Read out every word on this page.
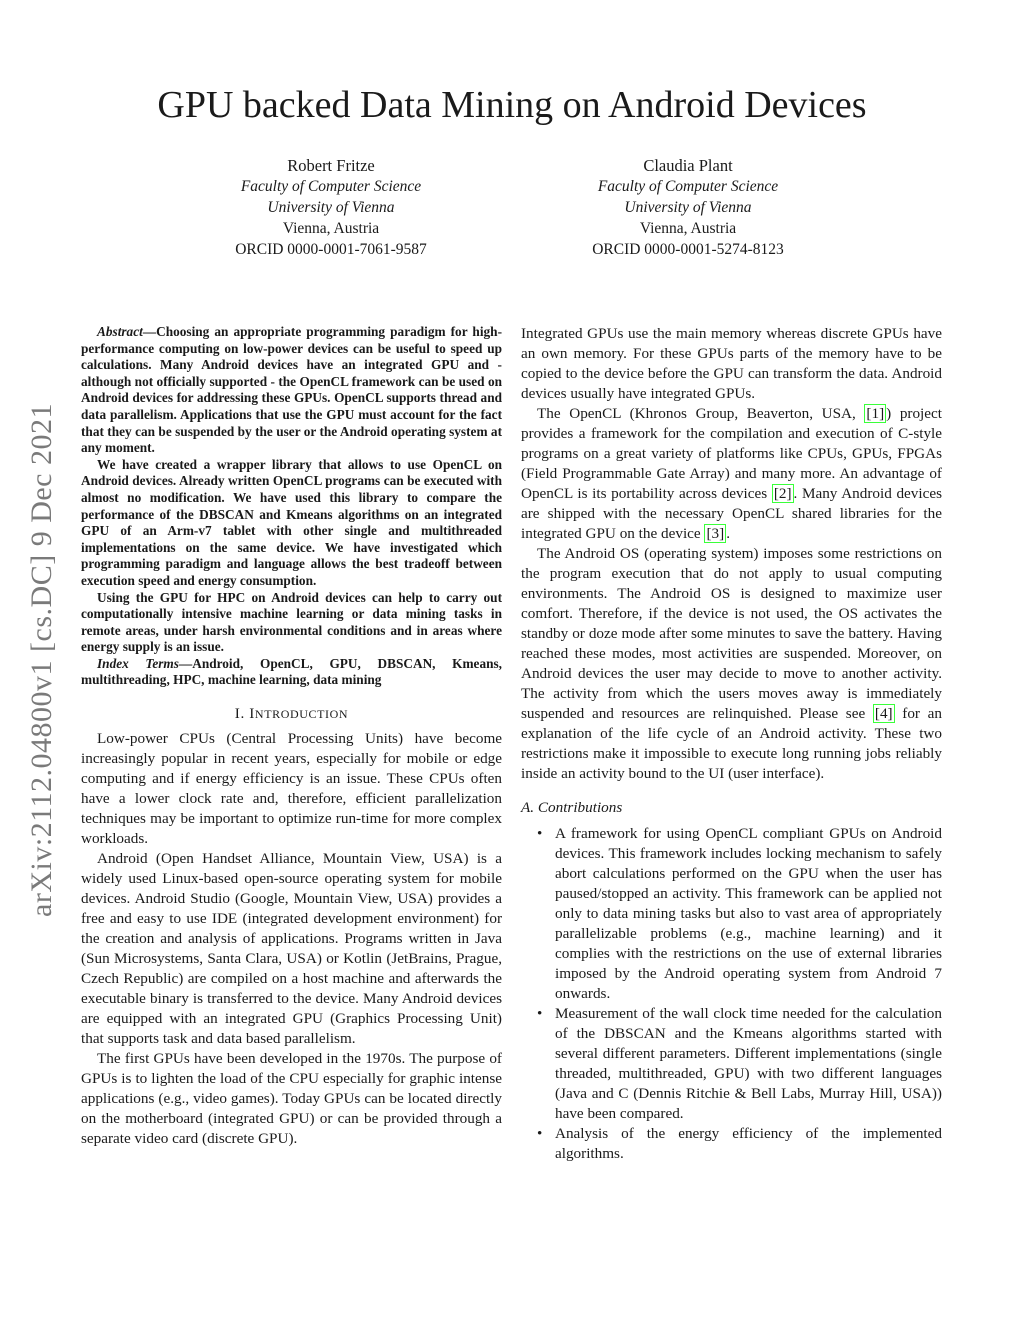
arXiv:2112.04800v1 [cs.DC] 9 Dec 2021
GPU backed Data Mining on Android Devices
Robert Fritze
Faculty of Computer Science
University of Vienna
Vienna, Austria
ORCID 0000-0001-7061-9587
Claudia Plant
Faculty of Computer Science
University of Vienna
Vienna, Austria
ORCID 0000-0001-5274-8123

Abstract—Choosing an appropriate programming paradigm for high-performance computing on low-power devices can be useful to speed up calculations. Many Android devices have an integrated GPU and - although not officially supported - the OpenCL framework can be used on Android devices for addressing these GPUs. OpenCL supports thread and data parallelism. Applications that use the GPU must account for the fact that they can be suspended by the user or the Android operating system at any moment.

We have created a wrapper library that allows to use OpenCL on Android devices. Already written OpenCL programs can be executed with almost no modification. We have used this library to compare the performance of the DBSCAN and Kmeans algorithms on an integrated GPU of an Arm-v7 tablet with other single and multithreaded implementations on the same device. We have investigated which programming paradigm and language allows the best tradeoff between execution speed and energy consumption.

Using the GPU for HPC on Android devices can help to carry out computationally intensive machine learning or data mining tasks in remote areas, under harsh environmental conditions and in areas where energy supply is an issue.

Index Terms—Android, OpenCL, GPU, DBSCAN, Kmeans, multithreading, HPC, machine learning, data mining

I. INTRODUCTION

Low-power CPUs (Central Processing Units) have become increasingly popular in recent years, especially for mobile or edge computing and if energy efficiency is an issue. These CPUs often have a lower clock rate and, therefore, efficient parallelization techniques may be important to optimize run-time for more complex workloads.

Android (Open Handset Alliance, Mountain View, USA) is a widely used Linux-based open-source operating system for mobile devices. Android Studio (Google, Mountain View, USA) provides a free and easy to use IDE (integrated development environment) for the creation and analysis of applications. Programs written in Java (Sun Microsystems, Santa Clara, USA) or Kotlin (JetBrains, Prague, Czech Republic) are compiled on a host machine and afterwards the executable binary is transferred to the device. Many Android devices are equipped with an integrated GPU (Graphics Processing Unit) that supports task and data based parallelism.

The first GPUs have been developed in the 1970s. The purpose of GPUs is to lighten the load of the CPU especially for graphic intense applications (e.g., video games). Today GPUs can be located directly on the motherboard (integrated GPU) or can be provided through a separate video card (discrete GPU).

Integrated GPUs use the main memory whereas discrete GPUs have an own memory. For these GPUs parts of the memory have to be copied to the device before the GPU can transform the data. Android devices usually have integrated GPUs.

The OpenCL (Khronos Group, Beaverton, USA, [1] ) project provides a framework for the compilation and execution of C-style programs on a great variety of platforms like CPUs, GPUs, FPGAs (Field Programmable Gate Array) and many more. An advantage of OpenCL is its portability across devices [2] . Many Android devices are shipped with the necessary OpenCL shared libraries for the integrated GPU on the device [3] .

The Android OS (operating system) imposes some restrictions on the program execution that do not apply to usual computing environments. The Android OS is designed to maximize user comfort. Therefore, if the device is not used, the OS activates the standby or doze mode after some minutes to save the battery. Having reached these modes, most activities are suspended. Moreover, on Android devices the user may decide to move to another activity. The activity from which the users moves away is immediately suspended and resources are relinquished. Please see [4] for an explanation of the life cycle of an Android activity. These two restrictions make it impossible to execute long running jobs reliably inside an activity bound to the UI (user interface).

A. Contributions
• A framework for using OpenCL compliant GPUs on Android devices. This framework includes locking mechanism to safely abort calculations performed on the GPU when the user has paused/stopped an activity. This framework can be applied not only to data mining tasks but also to vast area of appropriately parallelizable problems (e.g., machine learning) and it complies with the restrictions on the use of external libraries imposed by the Android operating system from Android 7 onwards.
• Measurement of the wall clock time needed for the calculation of the DBSCAN and the Kmeans algorithms started with several different parameters. Different implementations (single threaded, multithreaded, GPU) with two different languages (Java and C (Dennis Ritchie & Bell Labs, Murray Hill, USA)) have been compared.
• Analysis of the energy efficiency of the implemented algorithms.
